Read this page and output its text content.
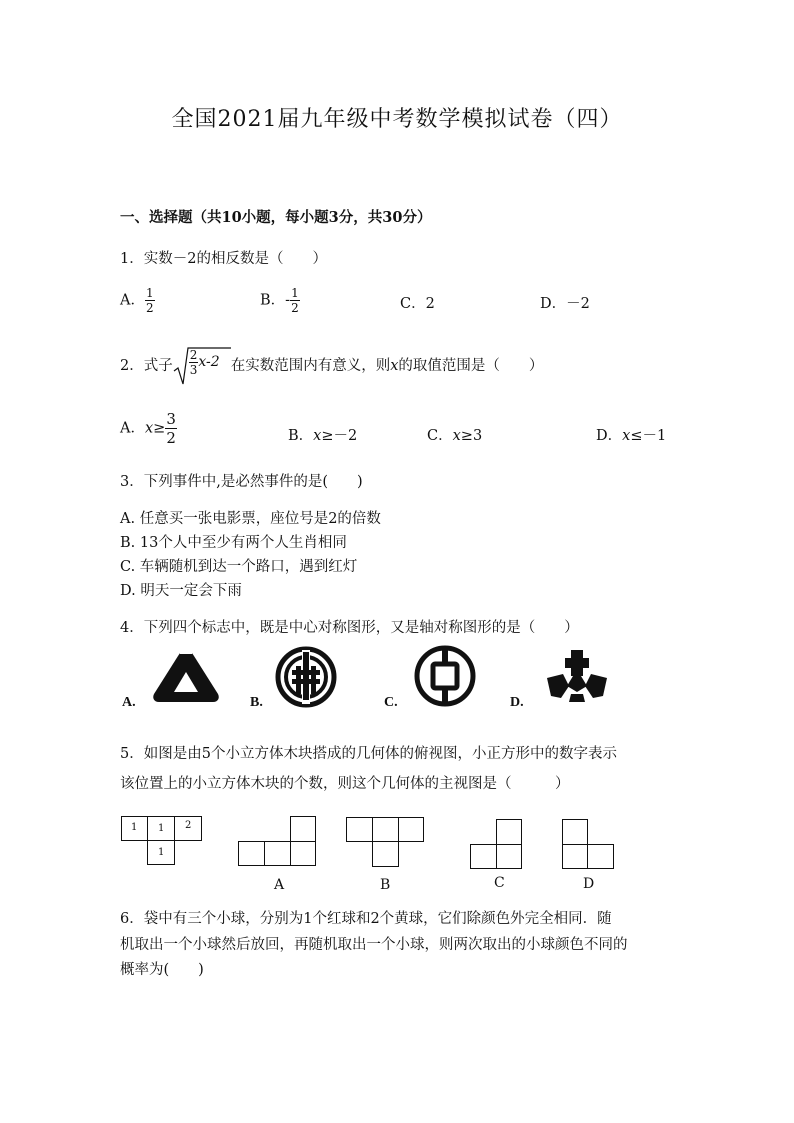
全国2021届九年级中考数学模拟试卷（四）
一、选择题（共10小题，每小题3分，共30分）
1．实数－2的相反数是（　　）
A． $\frac{1}{2}$	B．- $\frac{1}{2}$	C．2	D．－2
2．式子 $\frac{2}{3} x-2$ 在实数范围内有意义，则x的取值范围是（　　）
A．$x\ge \frac{3}{2}$	B．x≥－2	C．x≥3	D．x≤－1
3．下列事件中,是必然事件的是(　　)
A. 任意买一张电影票，座位号是2的倍数
B. 13个人中至少有两个人生肖相同
C. 车辆随机到达一个路口，遇到红灯
D. 明天一定会下雨
4．下列四个标志中，既是中心对称图形，又是轴对称图形的是（　　）
A.	B.	C.	D.
5．如图是由5个小立方体木块搭成的几何体的俯视图，小正方形中的数字表示
该位置上的小立方体木块的个数，则这个几何体的主视图是（　　　）
1 1 2
1
A	B	C	D
6．袋中有三个小球，分别为1个红球和2个黄球，它们除颜色外完全相同．随
机取出一个小球然后放回，再随机取出一个小球，则两次取出的小球颜色不同的
概率为(　　)
